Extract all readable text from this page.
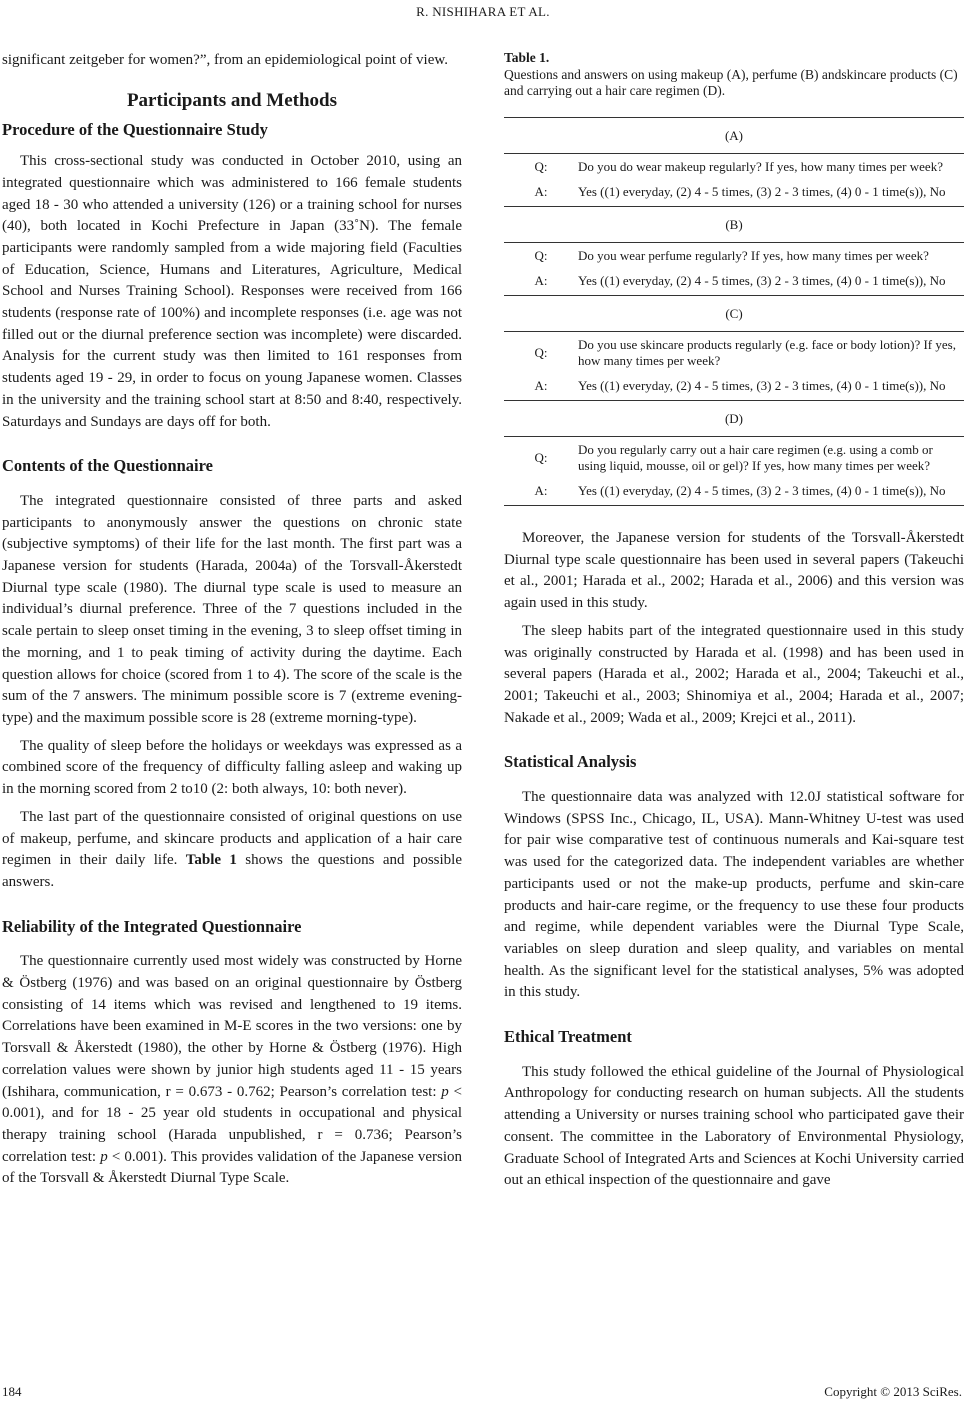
R. NISHIHARA ET AL.

significant zeitgeber for women?”, from an epidemiological point of view.

Participants and Methods
Procedure of the Questionnaire Study

This cross-sectional study was conducted in October 2010, using an integrated questionnaire which was administered to 166 female students aged 18 - 30 who attended a university (126) or a training school for nurses (40), both located in Kochi Prefecture in Japan (33˚N). The female participants were randomly sampled from a wide majoring field (Faculties of Education, Science, Humans and Literatures, Agriculture, Medical School and Nurses Training School). Responses were received from 166 students (response rate of 100%) and incomplete responses (i.e. age was not filled out or the diurnal preference section was incomplete) were discarded. Analysis for the current study was then limited to 161 responses from students aged 19 - 29, in order to focus on young Japanese women. Classes in the university and the training school start at 8:50 and 8:40, respectively. Saturdays and Sundays are days off for both.

Contents of the Questionnaire

The integrated questionnaire consisted of three parts and asked participants to anonymously answer the questions on chronic state (subjective symptoms) of their life for the last month. The first part was a Japanese version for students (Harada, 2004a) of the Torsvall-Åkerstedt Diurnal type scale (1980). The diurnal type scale is used to measure an individual’s diurnal preference. Three of the 7 questions included in the scale pertain to sleep onset timing in the evening, 3 to sleep offset timing in the morning, and 1 to peak timing of activity during the daytime. Each question allows for choice (scored from 1 to 4). The score of the scale is the sum of the 7 answers. The minimum possible score is 7 (extreme evening-type) and the maximum possible score is 28 (extreme morning-type).

The quality of sleep before the holidays or weekdays was expressed as a combined score of the frequency of difficulty falling asleep and waking up in the morning scored from 2 to10 (2: both always, 10: both never).

The last part of the questionnaire consisted of original questions on use of makeup, perfume, and skincare products and application of a hair care regimen in their daily life. Table 1 shows the questions and possible answers.

Reliability of the Integrated Questionnaire

The questionnaire currently used most widely was constructed by Horne & Östberg (1976) and was based on an original questionnaire by Östberg consisting of 14 items which was revised and lengthened to 19 items. Correlations have been examined in M-E scores in the two versions: one by Torsvall & Åkerstedt (1980), the other by Horne & Östberg (1976). High correlation values were shown by junior high students aged 11 - 15 years (Ishihara, communication, r = 0.673 - 0.762; Pearson’s correlation test: p < 0.001), and for 18 - 25 year old students in occupational and physical therapy training school (Harada unpublished, r = 0.736; Pearson’s correlation test: p < 0.001). This provides validation of the Japanese version of the Torsvall & Åkerstedt Diurnal Type Scale.

Table 1.
Questions and answers on using makeup (A), perfume (B) andskincare products (C) and carrying out a hair care regimen (D).
(A)	
Q:	Do you do wear makeup regularly? If yes, how many times per week?
A:	Yes ((1) everyday, (2) 4 - 5 times, (3) 2 - 3 times, (4) 0 - 1 time(s)), No
(B)	
Q:	Do you wear perfume regularly? If yes, how many times per week?
A:	Yes ((1) everyday, (2) 4 - 5 times, (3) 2 - 3 times, (4) 0 - 1 time(s)), No
(C)	
Q:	Do you use skincare products regularly (e.g. face or body lotion)? If yes, how many times per week?
A:	Yes ((1) everyday, (2) 4 - 5 times, (3) 2 - 3 times, (4) 0 - 1 time(s)), No
(D)	
Q:	Do you regularly carry out a hair care regimen (e.g. using a comb or using liquid, mousse, oil or gel)? If yes, how many times per week?
A:	Yes ((1) everyday, (2) 4 - 5 times, (3) 2 - 3 times, (4) 0 - 1 time(s)), No

Moreover, the Japanese version for students of the Torsvall-Åkerstedt Diurnal type scale questionnaire has been used in several papers (Takeuchi et al., 2001; Harada et al., 2002; Harada et al., 2006) and this version was again used in this study.

The sleep habits part of the integrated questionnaire used in this study was originally constructed by Harada et al. (1998) and has been used in several papers (Harada et al., 2002; Harada et al., 2004; Takeuchi et al., 2001; Takeuchi et al., 2003; Shinomiya et al., 2004; Harada et al., 2007; Nakade et al., 2009; Wada et al., 2009; Krejci et al., 2011).

Statistical Analysis

The questionnaire data was analyzed with 12.0J statistical software for Windows (SPSS Inc., Chicago, IL, USA). Mann-Whitney U-test was used for pair wise comparative test of continuous numerals and Kai-square test was used for the categorized data. The independent variables are whether participants used or not the make-up products, perfume and skin-care products and hair-care regime, or the frequency to use these four products and regime, while dependent variables were the Diurnal Type Scale, variables on sleep duration and sleep quality, and variables on mental health. As the significant level for the statistical analyses, 5% was adopted in this study.

Ethical Treatment

This study followed the ethical guideline of the Journal of Physiological Anthropology for conducting research on human subjects. All the students attending a University or nurses training school who participated gave their consent. The committee in the Laboratory of Environmental Physiology, Graduate School of Integrated Arts and Sciences at Kochi University carried out an ethical inspection of the questionnaire and gave

184	Copyright © 2013 SciRes.
